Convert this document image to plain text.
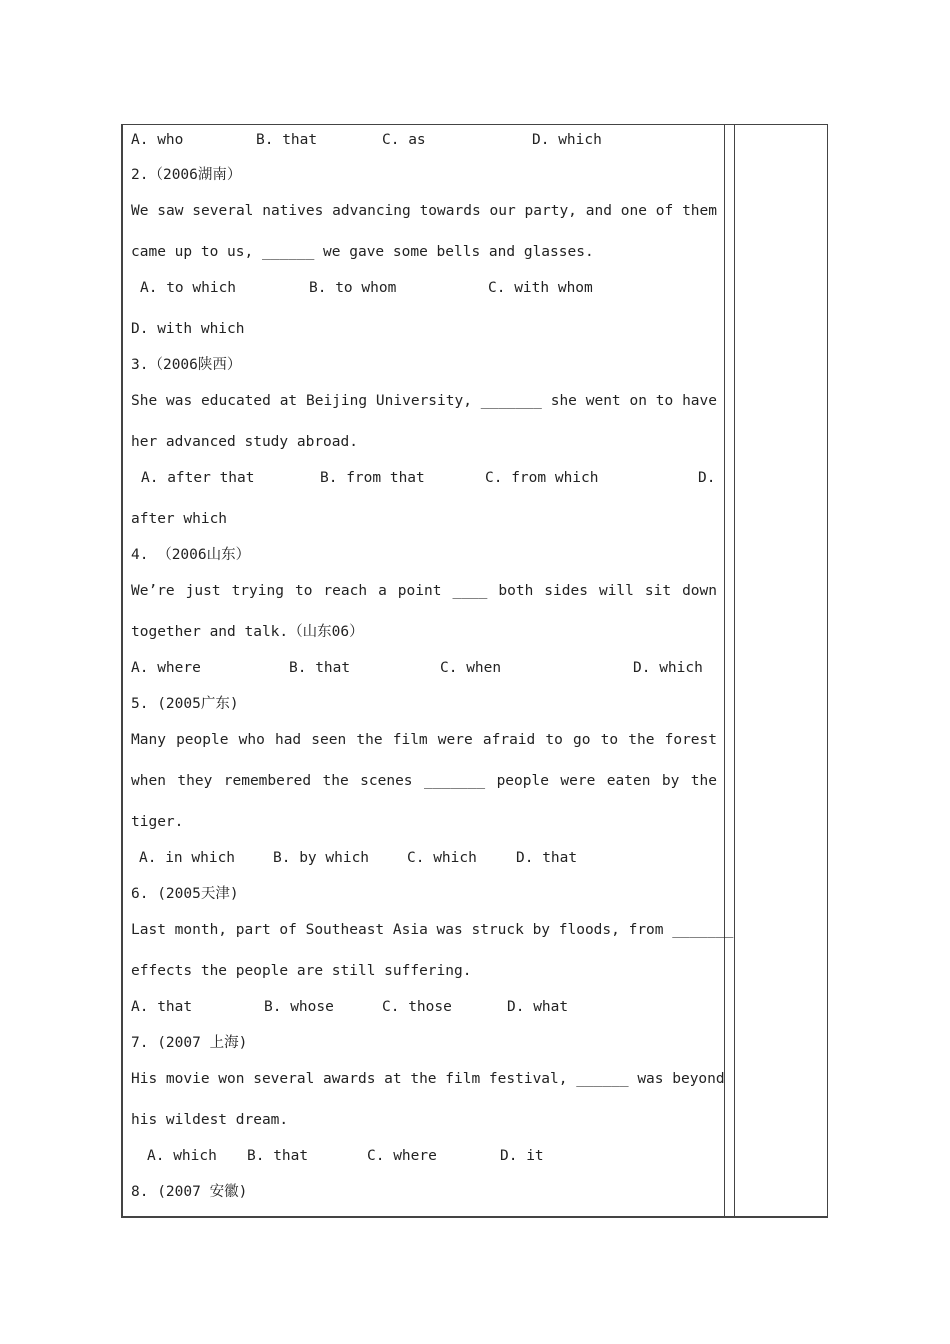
A. who	B. that	C. as	D. which
2.（2006湖南）
We saw several natives advancing towards our party, and one of them
came up to us, ______ we gave some bells and glasses.
A. to which	B. to whom	C. with whom
D. with which
3.（2006陕西）
She was educated at Beijing University, _______ she went on to have
her advanced study abroad.
A. after that	B. from that	C. from which	D.
after which
4. （2006山东）
We’re just trying to reach a point ____ both sides will sit down
together and talk.（山东06）
A. where	B. that	C. when	D. which
5. (2005广东)
Many people who had seen the film were afraid to go to the forest
when they remembered the scenes _______ people were eaten by the
tiger.
A. in which	B. by which	C. which	D. that
6. (2005天津)
Last month, part of Southeast Asia was struck by floods, from _______
effects the people are still suffering.
A. that	B. whose	C. those	D. what
7. (2007 上海)
His movie won several awards at the film festival, ______ was beyond
his wildest dream.
A. which B. that	C. where	D. it
8. (2007 安徽)
